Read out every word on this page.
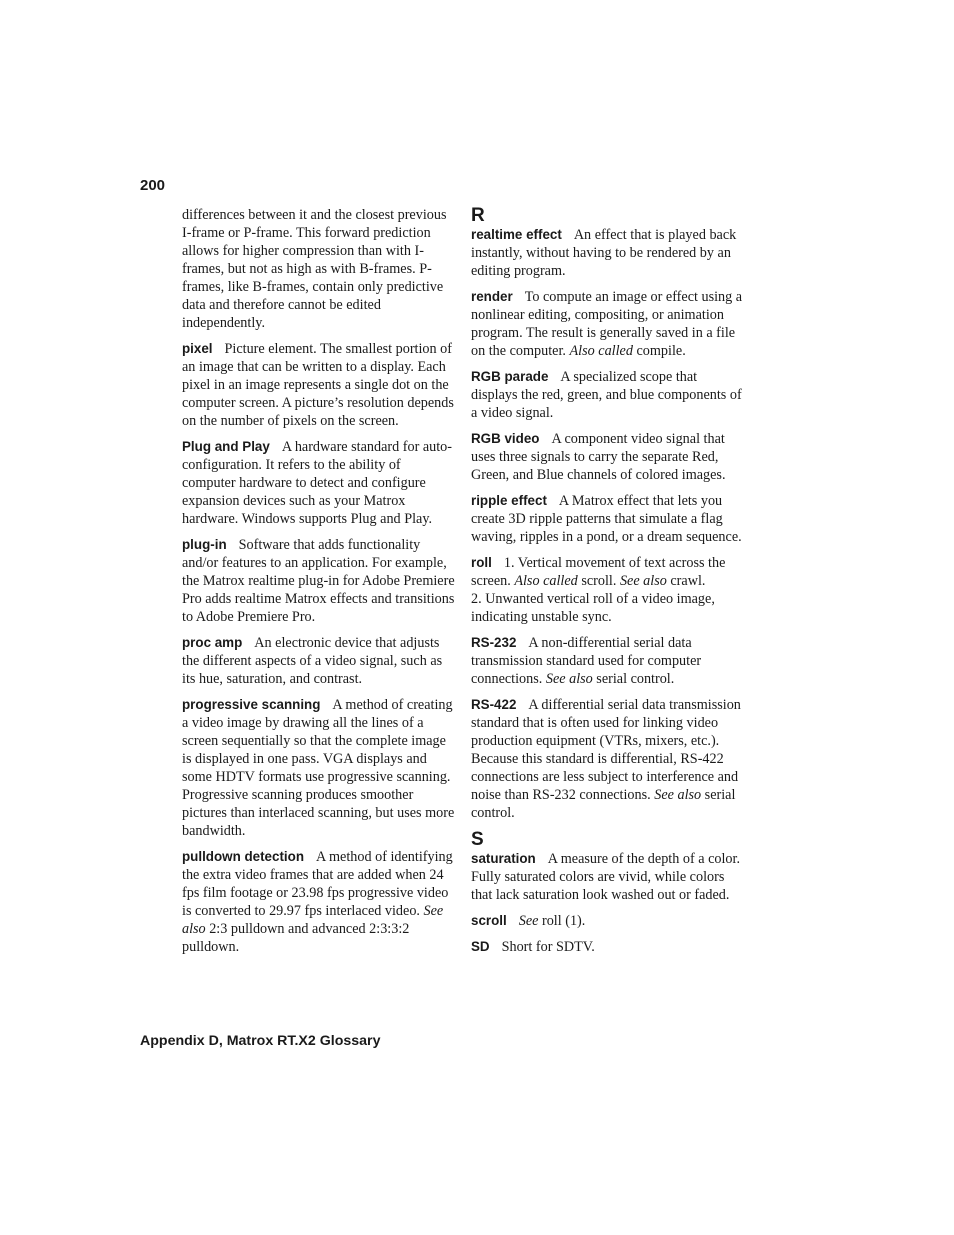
200

differences between it and the closest previous I-frame or P-frame. This forward prediction allows for higher compression than with I-frames, but not as high as with B-frames. P-frames, like B-frames, contain only predictive data and therefore cannot be edited independently.

pixel Picture element. The smallest portion of an image that can be written to a display. Each pixel in an image represents a single dot on the computer screen. A picture’s resolution depends on the number of pixels on the screen.

Plug and Play A hardware standard for auto-configuration. It refers to the ability of computer hardware to detect and configure expansion devices such as your Matrox hardware. Windows supports Plug and Play.

plug-in Software that adds functionality and/or features to an application. For example, the Matrox realtime plug-in for Adobe Premiere Pro adds realtime Matrox effects and transitions to Adobe Premiere Pro.

proc amp An electronic device that adjusts the different aspects of a video signal, such as its hue, saturation, and contrast.

progressive scanning A method of creating a video image by drawing all the lines of a screen sequentially so that the complete image is displayed in one pass. VGA displays and some HDTV formats use progressive scanning. Progressive scanning produces smoother pictures than interlaced scanning, but uses more bandwidth.

pulldown detection A method of identifying the extra video frames that are added when 24 fps film footage or 23.98 fps progressive video is converted to 29.97 fps interlaced video. See also 2:3 pulldown and advanced 2:3:3:2 pulldown.

R

realtime effect An effect that is played back instantly, without having to be rendered by an editing program.

render To compute an image or effect using a nonlinear editing, compositing, or animation program. The result is generally saved in a file on the computer. Also called compile.

RGB parade A specialized scope that displays the red, green, and blue components of a video signal.

RGB video A component video signal that uses three signals to carry the separate Red, Green, and Blue channels of colored images.

ripple effect A Matrox effect that lets you create 3D ripple patterns that simulate a flag waving, ripples in a pond, or a dream sequence.

roll 1. Vertical movement of text across the screen. Also called scroll. See also crawl.
2. Unwanted vertical roll of a video image, indicating unstable sync.

RS-232 A non-differential serial data transmission standard used for computer connections. See also serial control.

RS-422 A differential serial data transmission standard that is often used for linking video production equipment (VTRs, mixers, etc.). Because this standard is differential, RS-422 connections are less subject to interference and noise than RS-232 connections. See also serial control.

S

saturation A measure of the depth of a color. Fully saturated colors are vivid, while colors that lack saturation look washed out or faded.

scroll See roll (1).

SD Short for SDTV.

Appendix D, Matrox RT.X2 Glossary
